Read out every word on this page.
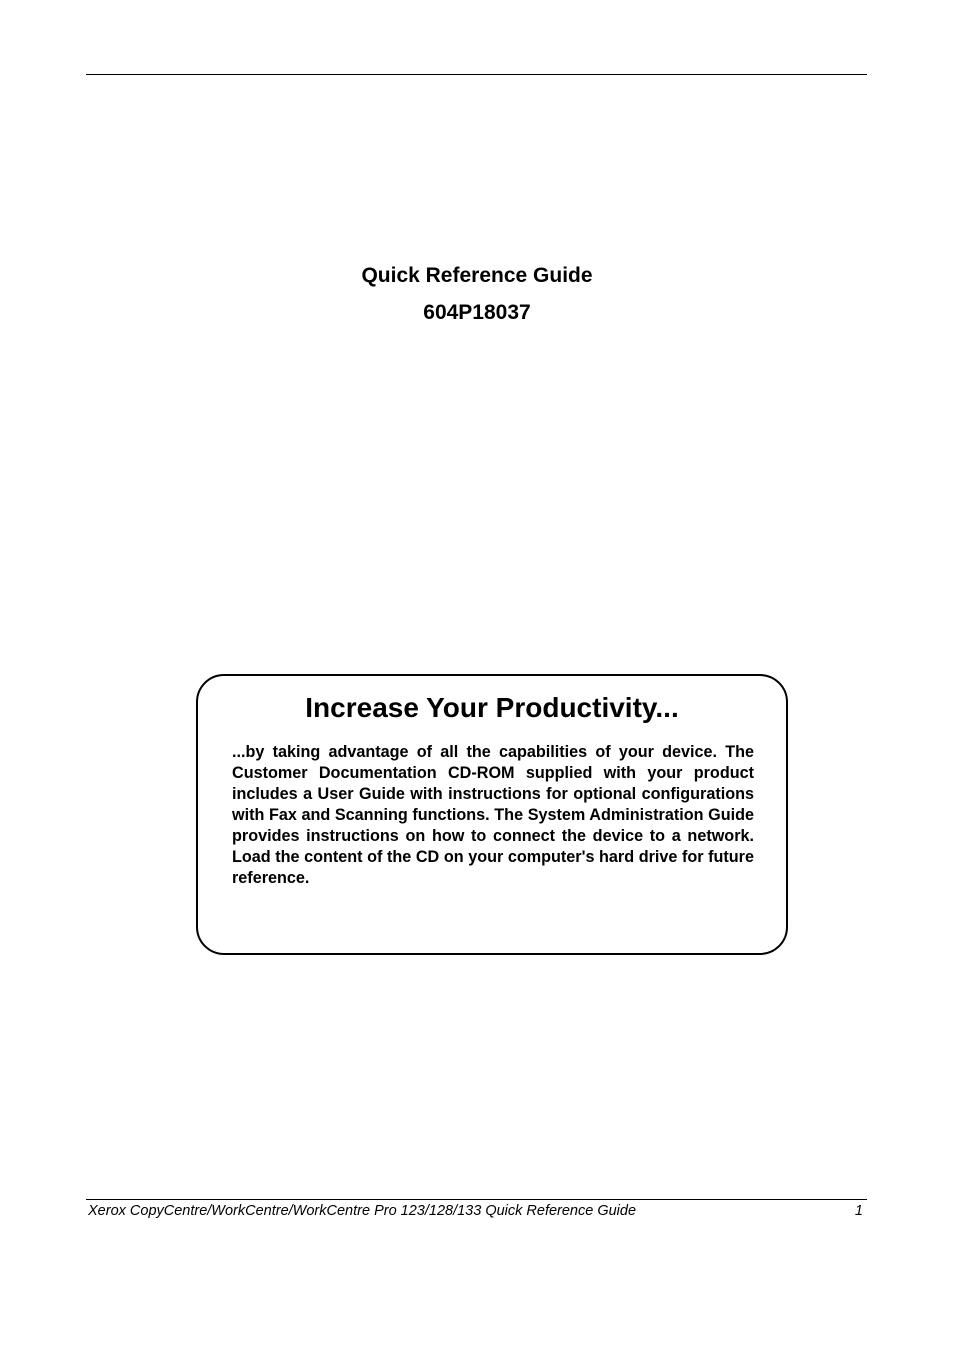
Quick Reference Guide
604P18037
Increase Your Productivity...
...by taking advantage of all the capabilities of your device. The Customer Documentation CD-ROM supplied with your product includes a User Guide with instructions for optional configurations with Fax and Scanning functions. The System Administration Guide provides instructions on how to connect the device to a network. Load the content of the CD on your computer's hard drive for future reference.
Xerox CopyCentre/WorkCentre/WorkCentre Pro 123/128/133 Quick Reference Guide	1
